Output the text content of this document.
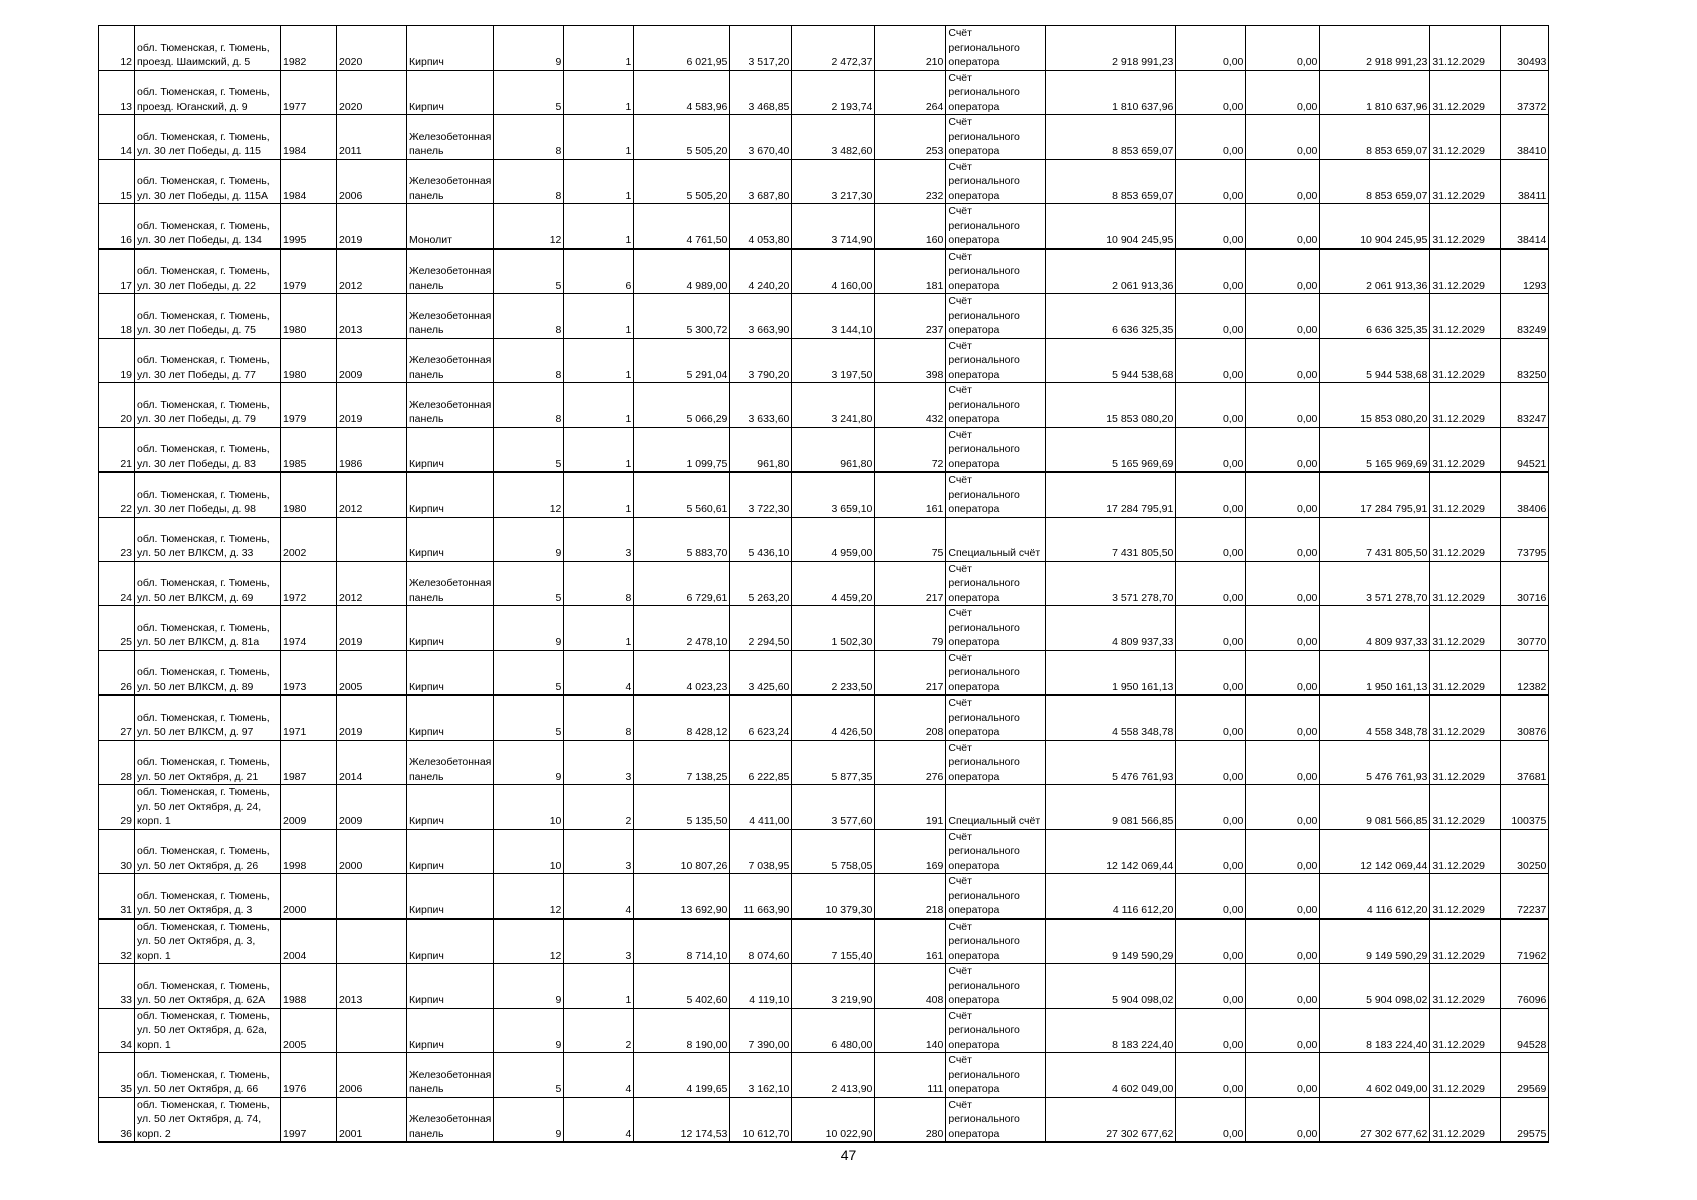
12	обл. Тюменская, г. Тюмень, проезд. Шаимский, д. 5	1982	2020	Кирпич	9	1	6 021,95	3 517,20	2 472,37	210	Счёт регионального оператора	2 918 991,23	0,00	0,00	2 918 991,23	31.12.2029	30493
13	обл. Тюменская, г. Тюмень, проезд. Юганский, д. 9	1977	2020	Кирпич	5	1	4 583,96	3 468,85	2 193,74	264	Счёт регионального оператора	1 810 637,96	0,00	0,00	1 810 637,96	31.12.2029	37372
14	обл. Тюменская, г. Тюмень, ул. 30 лет Победы, д. 115	1984	2011	Железобетонная панель	8	1	5 505,20	3 670,40	3 482,60	253	Счёт регионального оператора	8 853 659,07	0,00	0,00	8 853 659,07	31.12.2029	38410
15	обл. Тюменская, г. Тюмень, ул. 30 лет Победы, д. 115А	1984	2006	Железобетонная панель	8	1	5 505,20	3 687,80	3 217,30	232	Счёт регионального оператора	8 853 659,07	0,00	0,00	8 853 659,07	31.12.2029	38411
16	обл. Тюменская, г. Тюмень, ул. 30 лет Победы, д. 134	1995	2019	Монолит	12	1	4 761,50	4 053,80	3 714,90	160	Счёт регионального оператора	10 904 245,95	0,00	0,00	10 904 245,95	31.12.2029	38414
17	обл. Тюменская, г. Тюмень, ул. 30 лет Победы, д. 22	1979	2012	Железобетонная панель	5	6	4 989,00	4 240,20	4 160,00	181	Счёт регионального оператора	2 061 913,36	0,00	0,00	2 061 913,36	31.12.2029	1293
18	обл. Тюменская, г. Тюмень, ул. 30 лет Победы, д. 75	1980	2013	Железобетонная панель	8	1	5 300,72	3 663,90	3 144,10	237	Счёт регионального оператора	6 636 325,35	0,00	0,00	6 636 325,35	31.12.2029	83249
19	обл. Тюменская, г. Тюмень, ул. 30 лет Победы, д. 77	1980	2009	Железобетонная панель	8	1	5 291,04	3 790,20	3 197,50	398	Счёт регионального оператора	5 944 538,68	0,00	0,00	5 944 538,68	31.12.2029	83250
20	обл. Тюменская, г. Тюмень, ул. 30 лет Победы, д. 79	1979	2019	Железобетонная панель	8	1	5 066,29	3 633,60	3 241,80	432	Счёт регионального оператора	15 853 080,20	0,00	0,00	15 853 080,20	31.12.2029	83247
21	обл. Тюменская, г. Тюмень, ул. 30 лет Победы, д. 83	1985	1986	Кирпич	5	1	1 099,75	961,80	961,80	72	Счёт регионального оператора	5 165 969,69	0,00	0,00	5 165 969,69	31.12.2029	94521
22	обл. Тюменская, г. Тюмень, ул. 30 лет Победы, д. 98	1980	2012	Кирпич	12	1	5 560,61	3 722,30	3 659,10	161	Счёт регионального оператора	17 284 795,91	0,00	0,00	17 284 795,91	31.12.2029	38406
23	обл. Тюменская, г. Тюмень, ул. 50 лет ВЛКСМ, д. 33	2002		Кирпич	9	3	5 883,70	5 436,10	4 959,00	75	Специальный счёт	7 431 805,50	0,00	0,00	7 431 805,50	31.12.2029	73795
24	обл. Тюменская, г. Тюмень, ул. 50 лет ВЛКСМ, д. 69	1972	2012	Железобетонная панель	5	8	6 729,61	5 263,20	4 459,20	217	Счёт регионального оператора	3 571 278,70	0,00	0,00	3 571 278,70	31.12.2029	30716
25	обл. Тюменская, г. Тюмень, ул. 50 лет ВЛКСМ, д. 81а	1974	2019	Кирпич	9	1	2 478,10	2 294,50	1 502,30	79	Счёт регионального оператора	4 809 937,33	0,00	0,00	4 809 937,33	31.12.2029	30770
26	обл. Тюменская, г. Тюмень, ул. 50 лет ВЛКСМ, д. 89	1973	2005	Кирпич	5	4	4 023,23	3 425,60	2 233,50	217	Счёт регионального оператора	1 950 161,13	0,00	0,00	1 950 161,13	31.12.2029	12382
27	обл. Тюменская, г. Тюмень, ул. 50 лет ВЛКСМ, д. 97	1971	2019	Кирпич	5	8	8 428,12	6 623,24	4 426,50	208	Счёт регионального оператора	4 558 348,78	0,00	0,00	4 558 348,78	31.12.2029	30876
28	обл. Тюменская, г. Тюмень, ул. 50 лет Октября, д. 21	1987	2014	Железобетонная панель	9	3	7 138,25	6 222,85	5 877,35	276	Счёт регионального оператора	5 476 761,93	0,00	0,00	5 476 761,93	31.12.2029	37681
29	обл. Тюменская, г. Тюмень, ул. 50 лет Октября, д. 24, корп. 1	2009	2009	Кирпич	10	2	5 135,50	4 411,00	3 577,60	191	Специальный счёт	9 081 566,85	0,00	0,00	9 081 566,85	31.12.2029	100375
30	обл. Тюменская, г. Тюмень, ул. 50 лет Октября, д. 26	1998	2000	Кирпич	10	3	10 807,26	7 038,95	5 758,05	169	Счёт регионального оператора	12 142 069,44	0,00	0,00	12 142 069,44	31.12.2029	30250
31	обл. Тюменская, г. Тюмень, ул. 50 лет Октября, д. 3	2000		Кирпич	12	4	13 692,90	11 663,90	10 379,30	218	Счёт регионального оператора	4 116 612,20	0,00	0,00	4 116 612,20	31.12.2029	72237
32	обл. Тюменская, г. Тюмень, ул. 50 лет Октября, д. 3, корп. 1	2004		Кирпич	12	3	8 714,10	8 074,60	7 155,40	161	Счёт регионального оператора	9 149 590,29	0,00	0,00	9 149 590,29	31.12.2029	71962
33	обл. Тюменская, г. Тюмень, ул. 50 лет Октября, д. 62А	1988	2013	Кирпич	9	1	5 402,60	4 119,10	3 219,90	408	Счёт регионального оператора	5 904 098,02	0,00	0,00	5 904 098,02	31.12.2029	76096
34	обл. Тюменская, г. Тюмень, ул. 50 лет Октября, д. 62а, корп. 1	2005		Кирпич	9	2	8 190,00	7 390,00	6 480,00	140	Счёт регионального оператора	8 183 224,40	0,00	0,00	8 183 224,40	31.12.2029	94528
35	обл. Тюменская, г. Тюмень, ул. 50 лет Октября, д. 66	1976	2006	Железобетонная панель	5	4	4 199,65	3 162,10	2 413,90	111	Счёт регионального оператора	4 602 049,00	0,00	0,00	4 602 049,00	31.12.2029	29569
36	обл. Тюменская, г. Тюмень, ул. 50 лет Октября, д. 74, корп. 2	1997	2001	Железобетонная панель	9	4	12 174,53	10 612,70	10 022,90	280	Счёт регионального оператора	27 302 677,62	0,00	0,00	27 302 677,62	31.12.2029	29575
47
